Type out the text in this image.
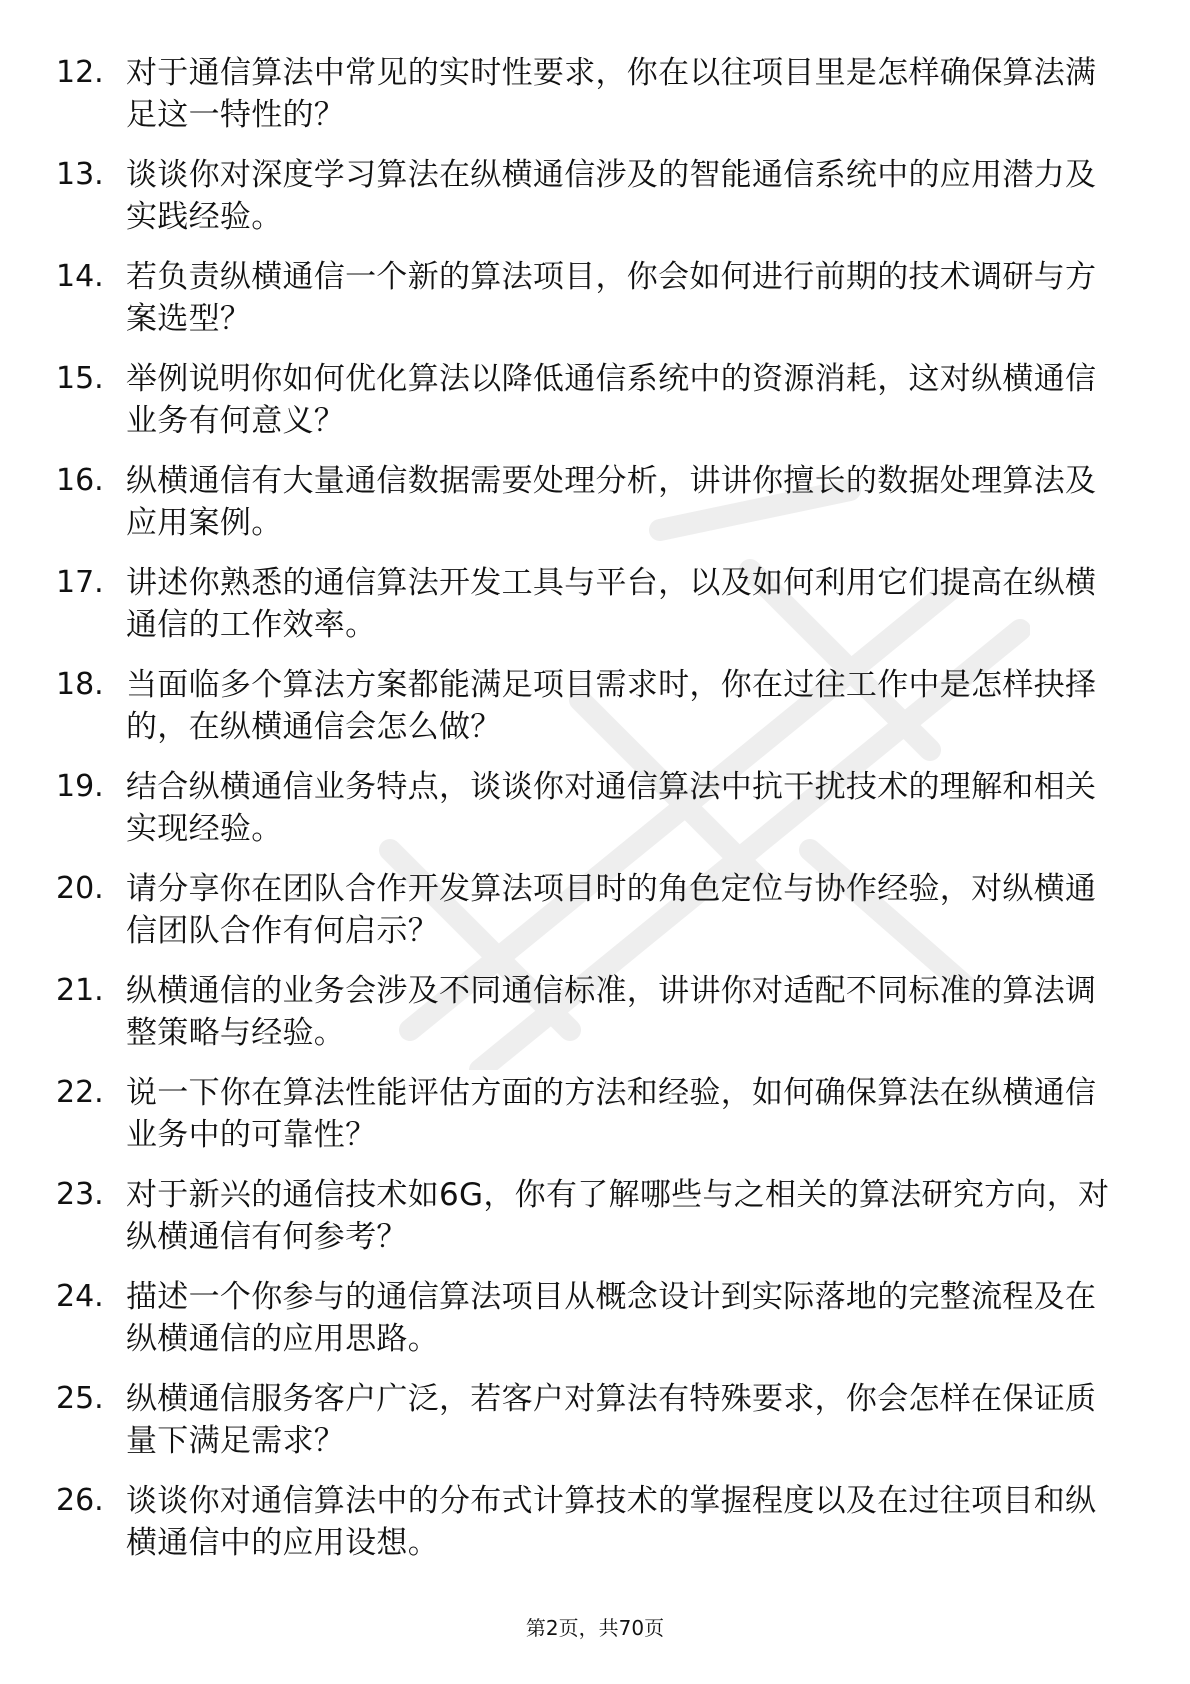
12. 对于通信算法中常见的实时性要求，你在以往项目里是怎样确保算法满足这一特性的？
13. 谈谈你对深度学习算法在纵横通信涉及的智能通信系统中的应用潜力及实践经验。
14. 若负责纵横通信一个新的算法项目，你会如何进行前期的技术调研与方案选型？
15. 举例说明你如何优化算法以降低通信系统中的资源消耗，这对纵横通信业务有何意义？
16. 纵横通信有大量通信数据需要处理分析，讲讲你擅长的数据处理算法及应用案例。
17. 讲述你熟悉的通信算法开发工具与平台，以及如何利用它们提高在纵横通信的工作效率。
18. 当面临多个算法方案都能满足项目需求时，你在过往工作中是怎样抉择的，在纵横通信会怎么做？
19. 结合纵横通信业务特点，谈谈你对通信算法中抗干扰技术的理解和相关实现经验。
20. 请分享你在团队合作开发算法项目时的角色定位与协作经验，对纵横通信团队合作有何启示？
21. 纵横通信的业务会涉及不同通信标准，讲讲你对适配不同标准的算法调整策略与经验。
22. 说一下你在算法性能评估方面的方法和经验，如何确保算法在纵横通信业务中的可靠性？
23. 对于新兴的通信技术如6G，你有了解哪些与之相关的算法研究方向，对纵横通信有何参考？
24. 描述一个你参与的通信算法项目从概念设计到实际落地的完整流程及在纵横通信的应用思路。
25. 纵横通信服务客户广泛，若客户对算法有特殊要求，你会怎样在保证质量下满足需求？
26. 谈谈你对通信算法中的分布式计算技术的掌握程度以及在过往项目和纵横通信中的应用设想。
第2页，共70页
